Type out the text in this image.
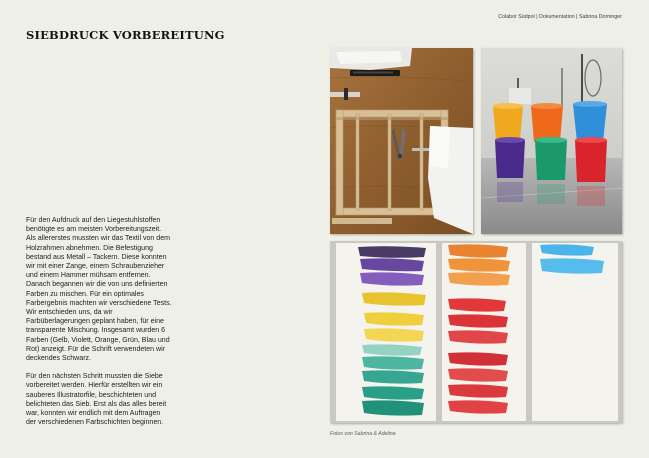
Colabor Südpol | Dokumentation | Sabrina Dorninger
SIEBDRUCK VORBEREITUNG

Für den Aufdruck auf den Liegestuhlstoffen benötigte es am meisten Vorbereitungszeit. Als allererstes mussten wir das Textil von dem Holzrahmen abnehmen. Die Befestigung bestand aus Metall – Tackern. Diese konnten wir mit einer Zange, einem Schraubenzieher und einem Hammer mühsam entfernen. Danach begannen wir die von uns definierten Farben zu mischen. Für ein optimales Farbergebnis machten wir verschiedene Tests. Wir entschieden uns, da wir Farbüberlagerungen geplant haben, für eine transparente Mischung. Insgesamt wurden 6 Farben (Gelb, Violett, Orange, Grün, Blau und Rot) anzeigt. Für die Schrift verwendeten wir deckendes Schwarz.

Für den nächsten Schritt mussten die Siebe vorbereitet werden. Hierfür erstellten wir ein sauberes Illustratorfile, beschichteten und belichteten das Sieb. Erst als das alles bereit war, konnten wir endlich mit dem Auftragen der verschiedenen Farbschichten beginnen.

Fotos von Sabrina & Adelina
